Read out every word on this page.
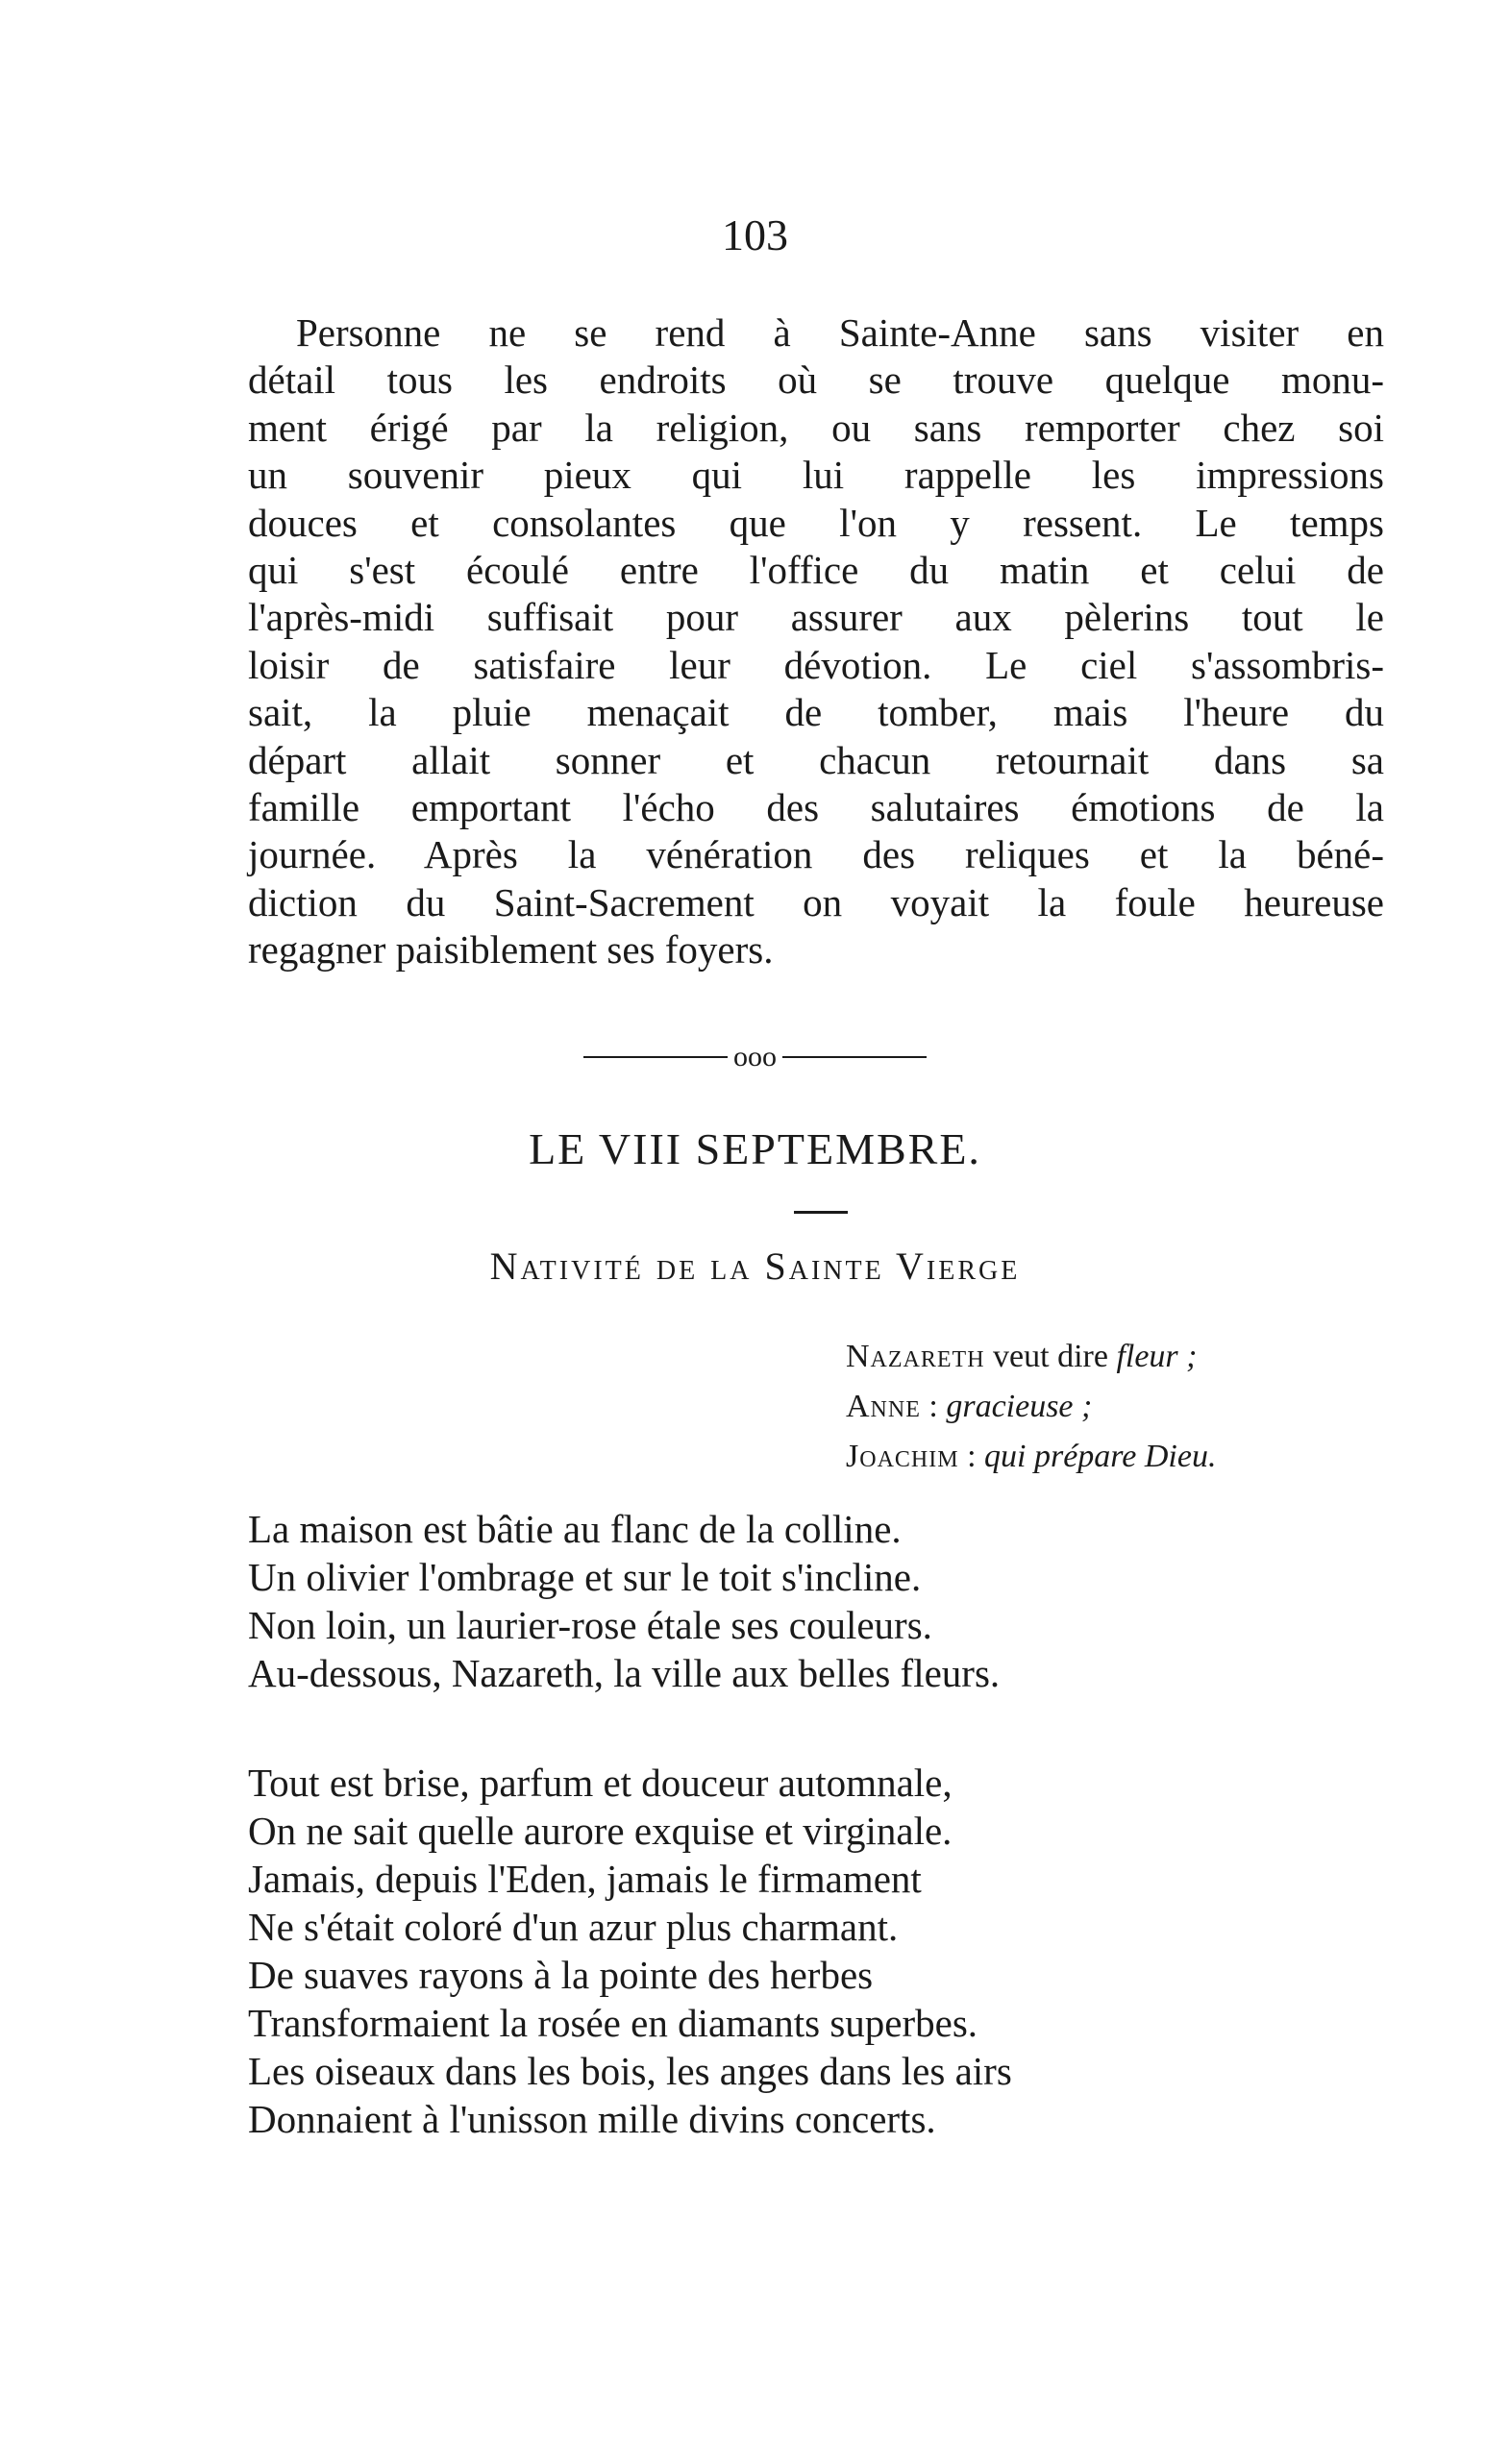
103
Personne ne se rend à Sainte-Anne sans visiter en
détail tous les endroits où se trouve quelque monu-
ment érigé par la religion, ou sans remporter chez soi
un souvenir pieux qui lui rappelle les impressions
douces et consolantes que l'on y ressent. Le temps
qui s'est écoulé entre l'office du matin et celui de
l'après-midi suffisait pour assurer aux pèlerins tout le
loisir de satisfaire leur dévotion. Le ciel s'assombris-
sait, la pluie menaçait de tomber, mais l'heure du
départ allait sonner et chacun retournait dans sa
famille emportant l'écho des salutaires émotions de la
journée. Après la vénération des reliques et la béné-
diction du Saint-Sacrement on voyait la foule heureuse
regagner paisiblement ses foyers.
ooo
LE VIII SEPTEMBRE.
Nativité de la Sainte Vierge
Nazareth veut dire fleur ;
Anne : gracieuse ;
Joachim : qui prépare Dieu.
La maison est bâtie au flanc de la colline.
Un olivier l'ombrage et sur le toit s'incline.
Non loin, un laurier-rose étale ses couleurs.
Au-dessous, Nazareth, la ville aux belles fleurs.
Tout est brise, parfum et douceur automnale,
On ne sait quelle aurore exquise et virginale.
Jamais, depuis l'Eden, jamais le firmament
Ne s'était coloré d'un azur plus charmant.
De suaves rayons à la pointe des herbes
Transformaient la rosée en diamants superbes.
Les oiseaux dans les bois, les anges dans les airs
Donnaient à l'unisson mille divins concerts.
